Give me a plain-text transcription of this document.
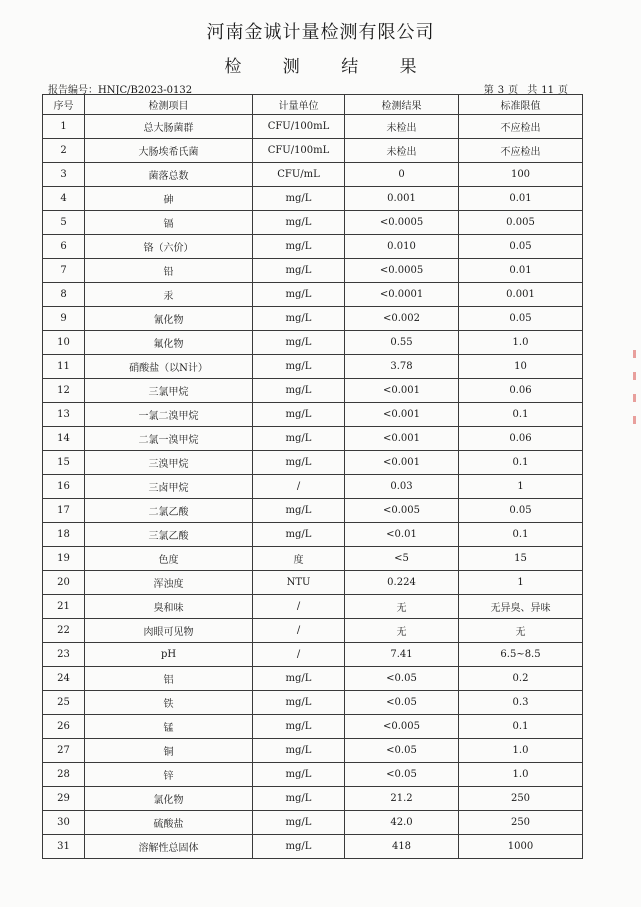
河南金诚计量检测有限公司
检 测 结 果
报告编号：HNJC/B2023-0132	第 3 页 共 11 页
序号	检测项目	计量单位	检测结果	标准限值
1	总大肠菌群	CFU/100mL	未检出	不应检出
2	大肠埃希氏菌	CFU/100mL	未检出	不应检出
3	菌落总数	CFU/mL	0	100
4	砷	mg/L	0.001	0.01
5	镉	mg/L	<0.0005	0.005
6	铬（六价）	mg/L	0.010	0.05
7	铅	mg/L	<0.0005	0.01
8	汞	mg/L	<0.0001	0.001
9	氰化物	mg/L	<0.002	0.05
10	氟化物	mg/L	0.55	1.0
11	硝酸盐（以N计）	mg/L	3.78	10
12	三氯甲烷	mg/L	<0.001	0.06
13	一氯二溴甲烷	mg/L	<0.001	0.1
14	二氯一溴甲烷	mg/L	<0.001	0.06
15	三溴甲烷	mg/L	<0.001	0.1
16	三卤甲烷	/	0.03	1
17	二氯乙酸	mg/L	<0.005	0.05
18	三氯乙酸	mg/L	<0.01	0.1
19	色度	度	<5	15
20	浑浊度	NTU	0.224	1
21	臭和味	/	无	无异臭、异味
22	肉眼可见物	/	无	无
23	pH	/	7.41	6.5~8.5
24	铝	mg/L	<0.05	0.2
25	铁	mg/L	<0.05	0.3
26	锰	mg/L	<0.005	0.1
27	铜	mg/L	<0.05	1.0
28	锌	mg/L	<0.05	1.0
29	氯化物	mg/L	21.2	250
30	硫酸盐	mg/L	42.0	250
31	溶解性总固体	mg/L	418	1000
